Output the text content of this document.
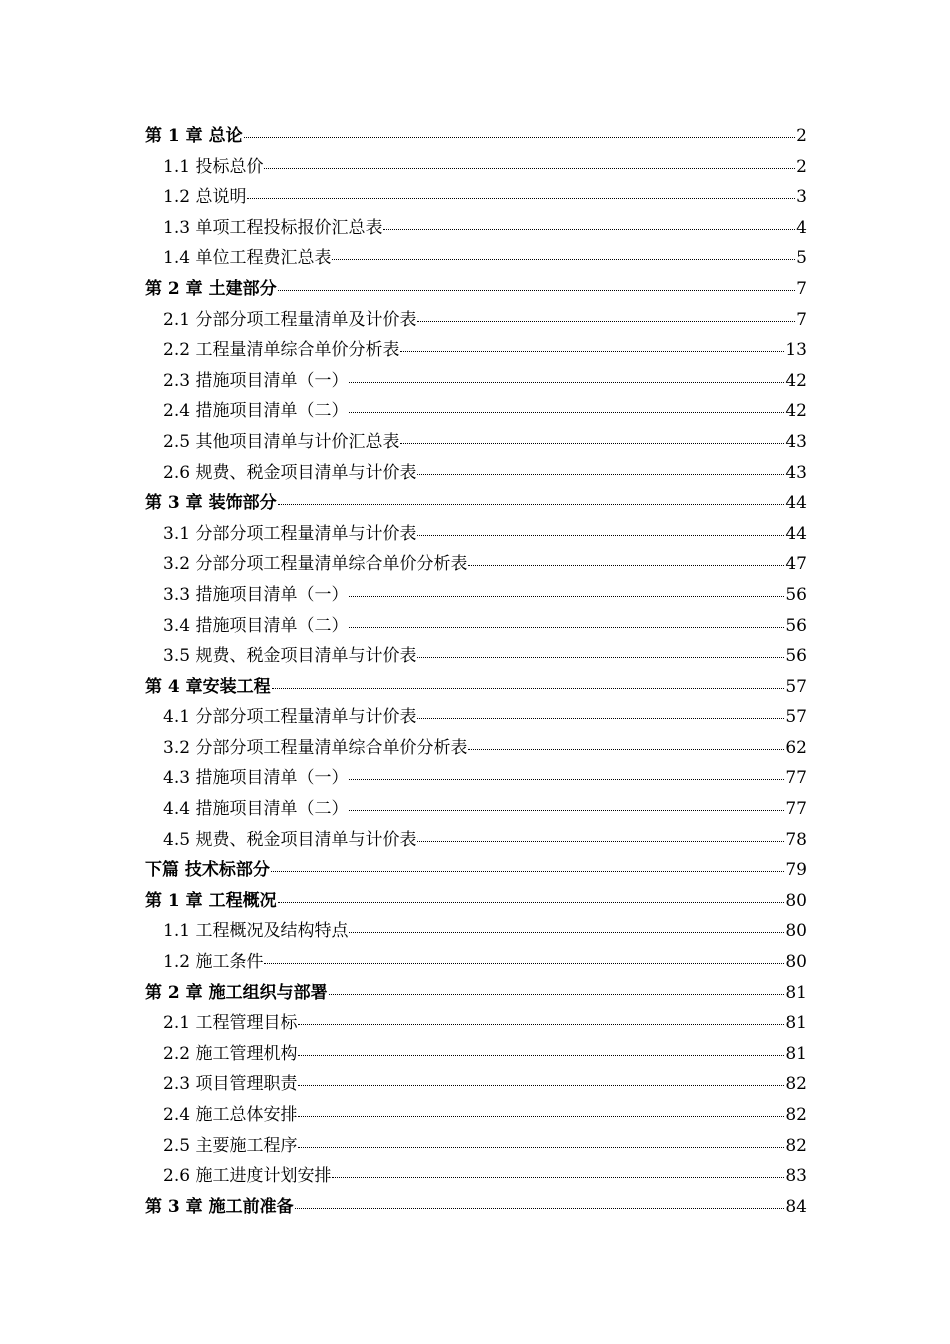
第 1 章 总论	2
1.1 投标总价	2
1.2 总说明	3
1.3 单项工程投标报价汇总表	4
1.4 单位工程费汇总表	5
第 2 章 土建部分	7
2.1 分部分项工程量清单及计价表	7
2.2 工程量清单综合单价分析表	13
2.3 措施项目清单（一）	42
2.4 措施项目清单（二）	42
2.5 其他项目清单与计价汇总表	43
2.6 规费、税金项目清单与计价表	43
第 3 章 装饰部分	44
3.1 分部分项工程量清单与计价表	44
3.2 分部分项工程量清单综合单价分析表	47
3.3 措施项目清单（一）	56
3.4 措施项目清单（二）	56
3.5 规费、税金项目清单与计价表	56
第 4 章安装工程	57
4.1 分部分项工程量清单与计价表	57
3.2 分部分项工程量清单综合单价分析表	62
4.3 措施项目清单（一）	77
4.4 措施项目清单（二）	77
4.5 规费、税金项目清单与计价表	78
下篇 技术标部分	79
第 1 章 工程概况	80
1.1 工程概况及结构特点	80
1.2 施工条件	80
第 2 章 施工组织与部署	81
2.1 工程管理目标	81
2.2 施工管理机构	81
2.3 项目管理职责	82
2.4 施工总体安排	82
2.5 主要施工程序	82
2.6 施工进度计划安排	83
第 3 章 施工前准备	84
